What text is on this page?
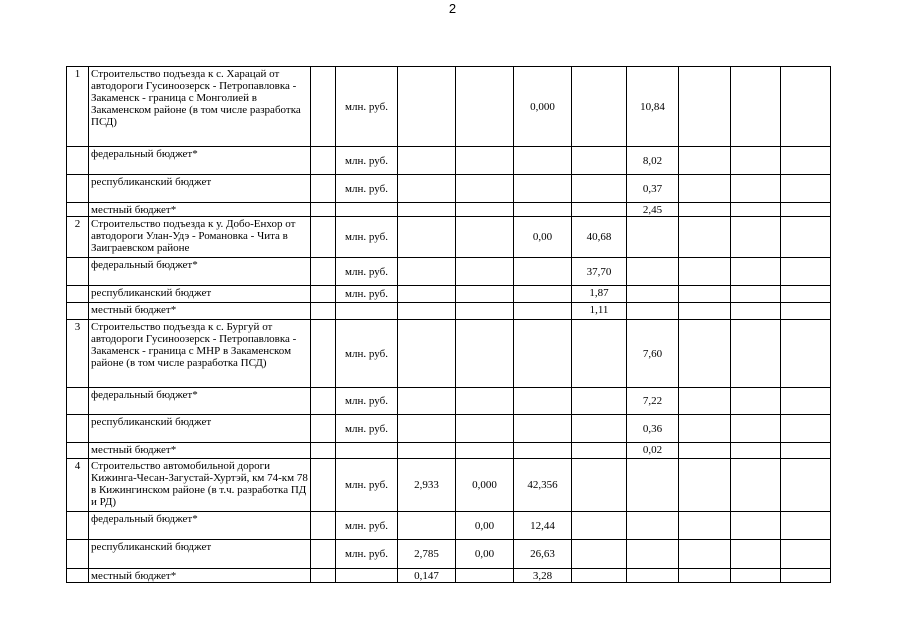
2
1	Строительство подъезда к с. Харацай от автодороги Гусиноозерск - Петропавловка - Закаменск - граница с Монголией в Закаменском районе (в том числе разработка ПСД)		млн. руб.			0,000		10,84			
	федеральный бюджет*		млн. руб.					8,02			
	республиканский бюджет		млн. руб.					0,37			
	местный бюджет*							2,45			
2	Строительство подъезда к у. Добо-Енхор от автодороги Улан-Удэ - Романовка - Чита в Заиграевском районе		млн. руб.			0,00	40,68				
	федеральный бюджет*		млн. руб.				37,70				
	республиканский бюджет		млн. руб.				1,87				
	местный бюджет*						1,11				
3	Строительство подъезда к с. Бургуй от автодороги Гусиноозерск - Петропавловка - Закаменск - граница с МНР в Закаменском районе (в том числе разработка ПСД)		млн. руб.					7,60			
	федеральный бюджет*		млн. руб.					7,22			
	республиканский бюджет		млн. руб.					0,36			
	местный бюджет*							0,02			
4	Строительство автомобильной дороги Кижинга-Чесан-Загустай-Хуртэй, км 74-км 78 в Кижингинском районе (в т.ч. разработка ПД и РД)		млн. руб.	2,933	0,000	42,356					
	федеральный бюджет*		млн. руб.		0,00	12,44					
	республиканский бюджет		млн. руб.	2,785	0,00	26,63					
	местный бюджет*			0,147		3,28					
